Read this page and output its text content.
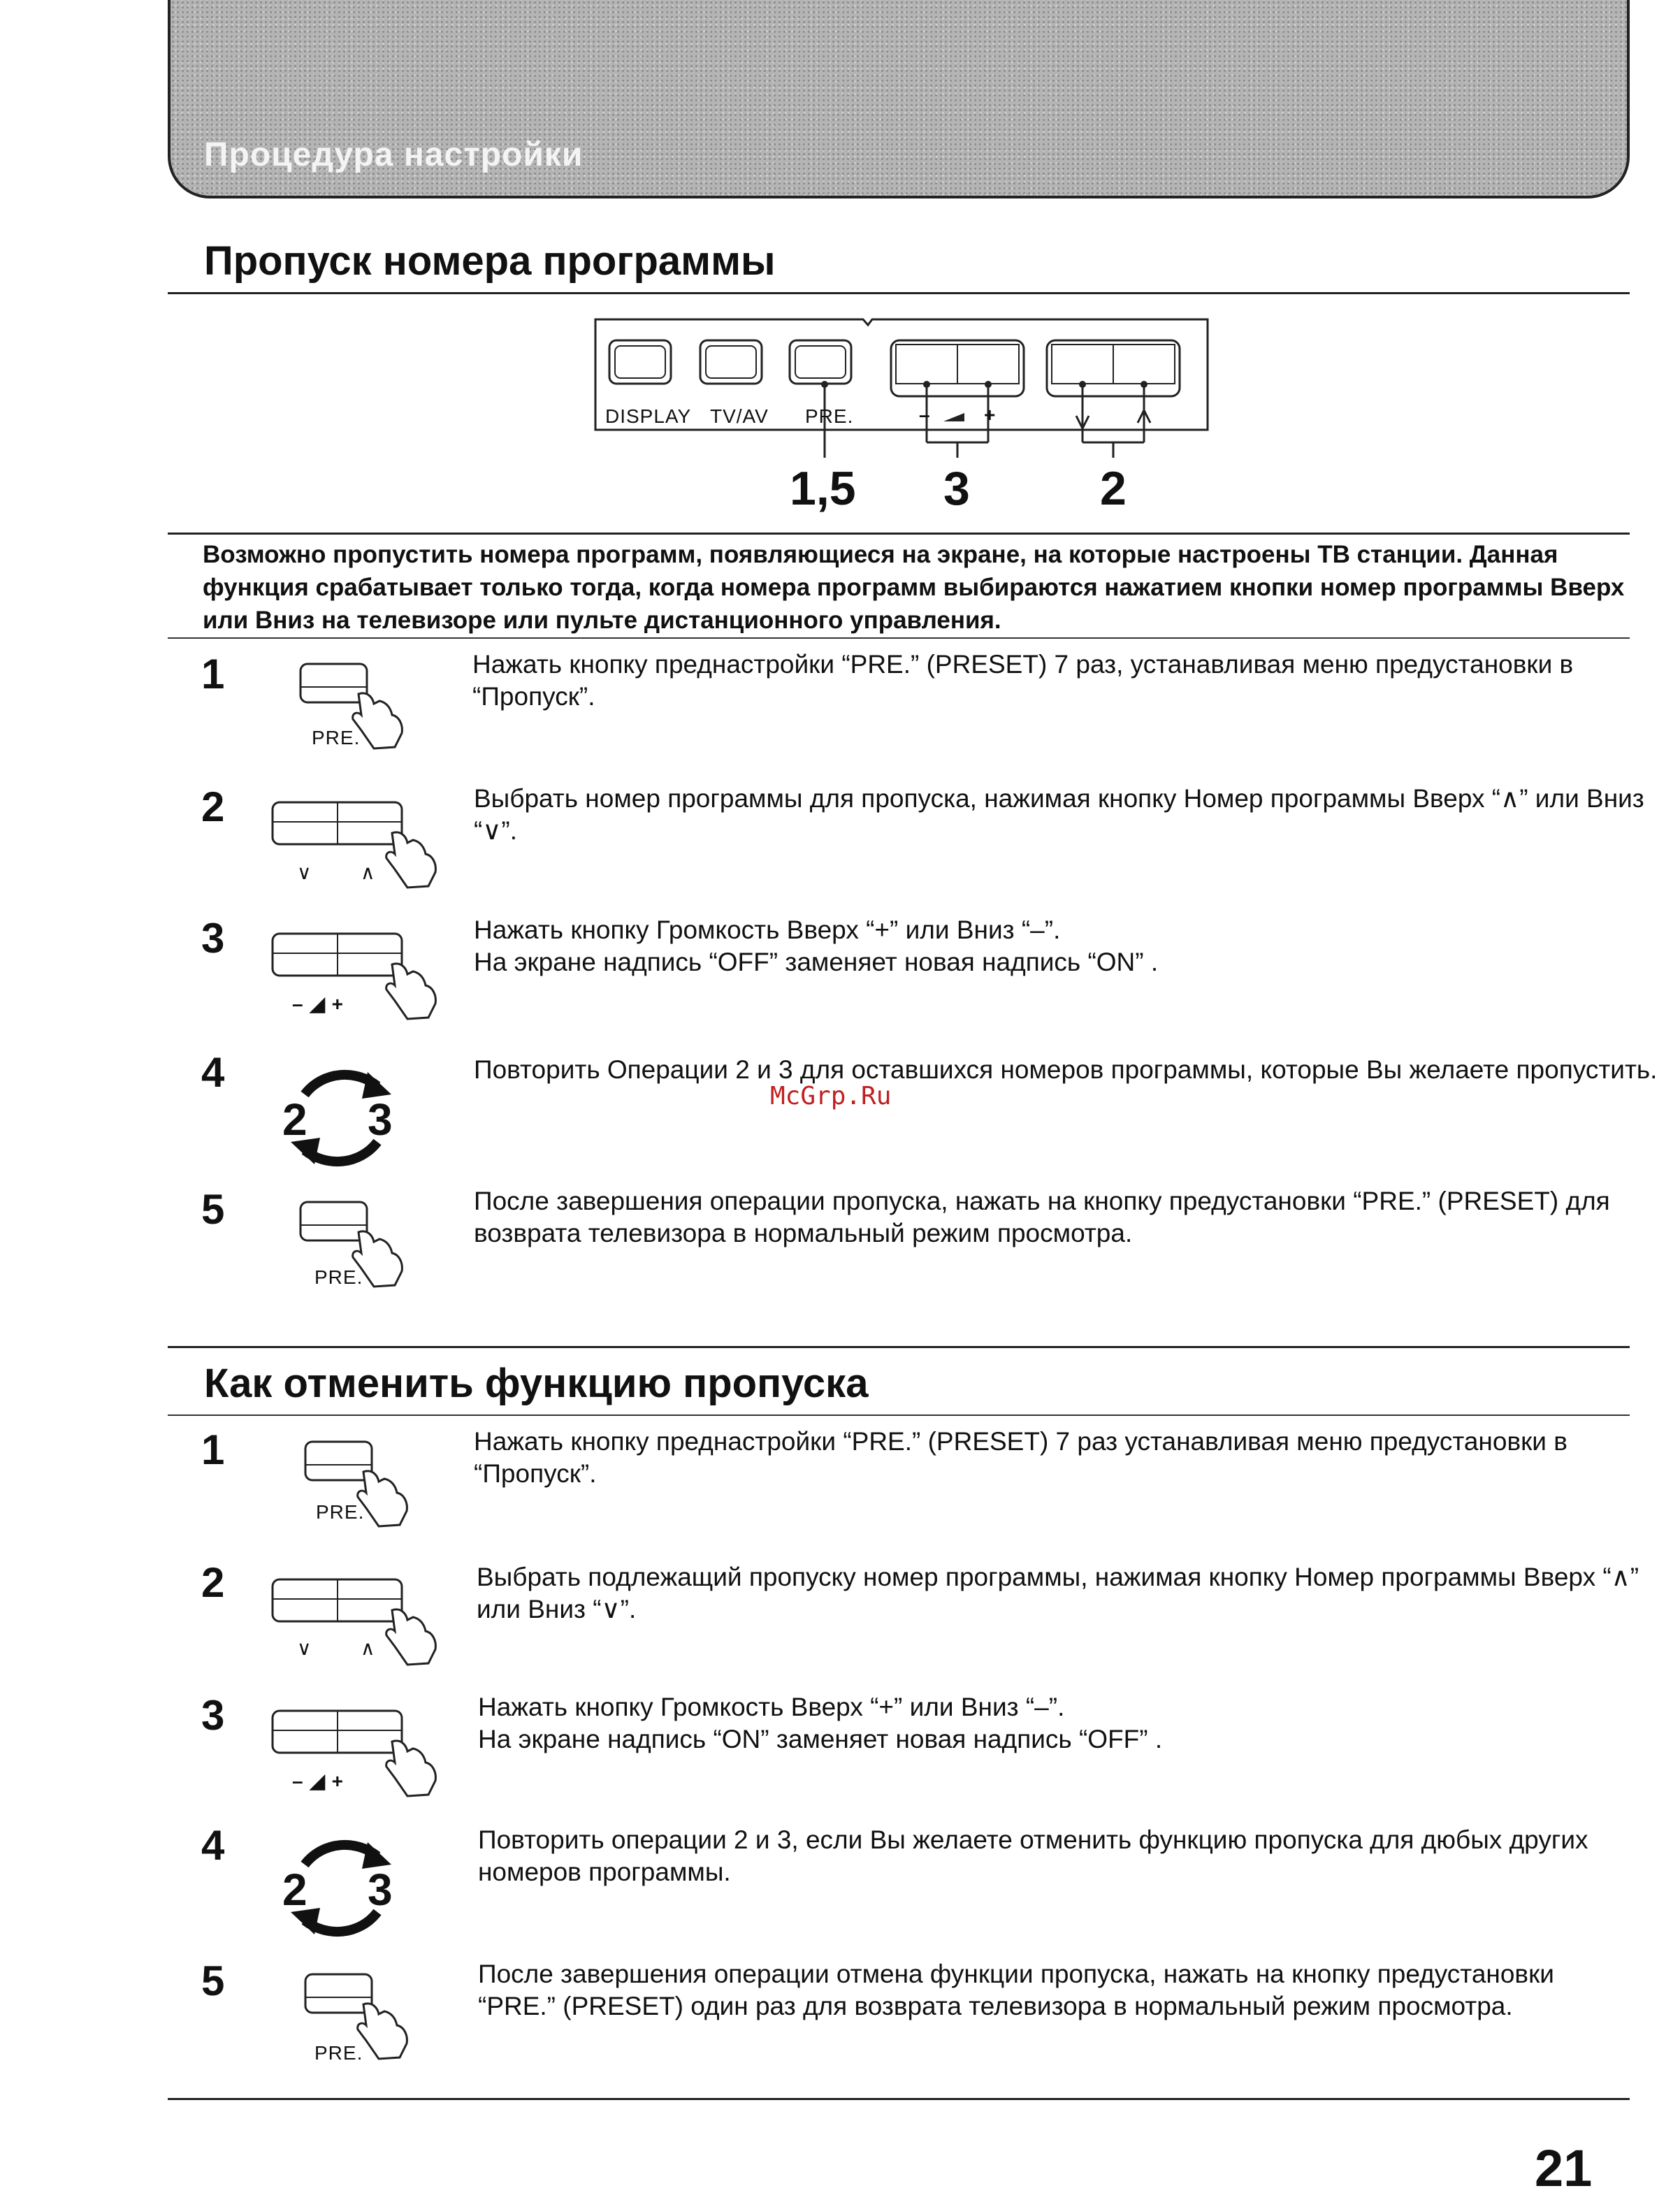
Процедура настройки
Пропуск номера программы
DISPLAY TV/AV PRE.	–	+
1,5 3	2
Возможно пропустить номера программ, появляющиеся на экране, на которые настроены ТВ станции. Данная функция срабатывает только тогда, когда номера программ выбираются нажатием кнопки номер программы Вверх или Вниз на телевизоре или пульте дистанционного управления.
1
PRE.
Нажать кнопку преднастройки “PRE.” (PRESET) 7 раз, устанавливая меню предустановки в “Пропуск”.
2
∨ ∧
Выбрать номер программы для пропуска, нажимая кнопку Номер программы Вверх “∧” или Вниз “∨”.
3
– ◢ +
Нажать кнопку Громкость Вверх “+” или Вниз “–”.
На экране надпись “OFF” заменяет новая надпись “ON” .
4
2 3
Повторить Операции 2 и 3 для оставшихся номеров программы, которые Вы желаете пропустить.
McGrp.Ru
5
PRE.
После завершения операции пропуска, нажать на кнопку предустановки “PRE.” (PRESET) для возврата телевизора в нормальный режим просмотра.
Как отменить функцию пропуска
1
PRE.
Нажать кнопку преднастройки “PRE.” (PRESET) 7 раз устанавливая меню предустановки в “Пропуск”.
2
∨ ∧
Выбрать подлежащий пропуску номер программы, нажимая кнопку Номер программы Вверх “∧” или Вниз “∨”.
3
– ◢ +
Нажать кнопку Громкость Вверх “+” или Вниз “–”.
На экране надпись “ON” заменяет новая надпись “OFF” .
4
2 3
Повторить операции 2 и 3, если Вы желаете отменить функцию пропуска для дюбых других номеров программы.
5
PRE.
После завершения операции отмена функции пропуска, нажать на кнопку предустановки “PRE.” (PRESET) один раз для возврата телевизора в нормальный режим просмотра.
21
